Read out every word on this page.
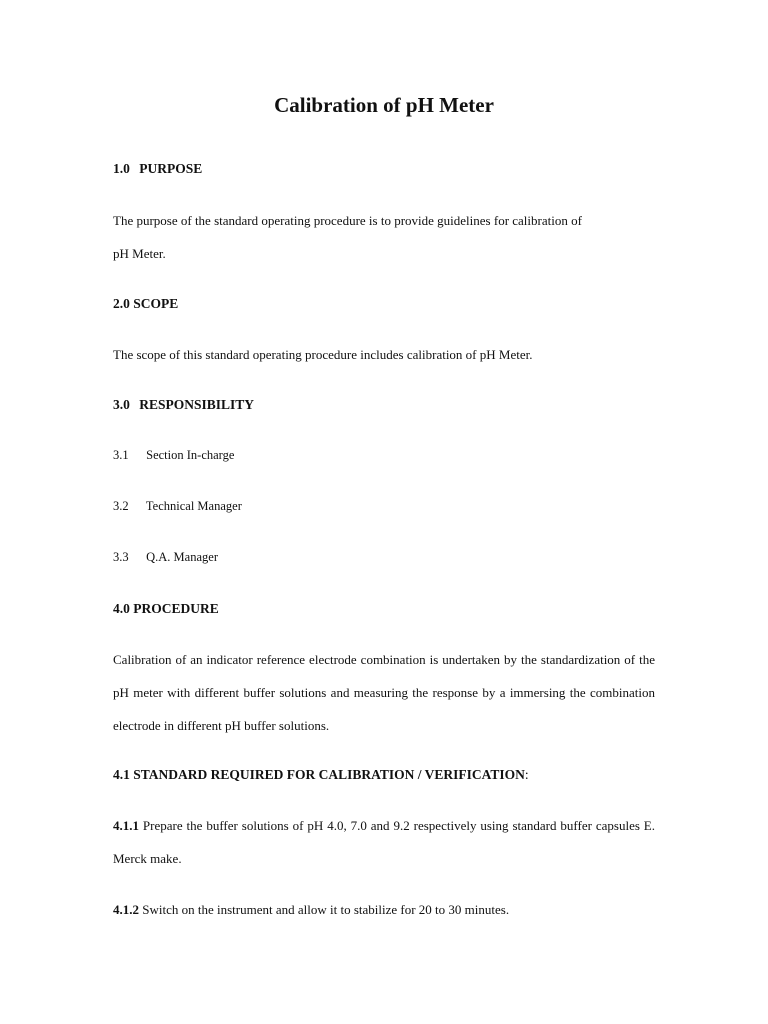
Calibration of pH Meter
1.0 PURPOSE

The purpose of the standard operating procedure is to provide guidelines for calibration of
pH Meter.

2.0 SCOPE

The scope of this standard operating procedure includes calibration of pH Meter.

3.0 RESPONSIBILITY
3.1 Section In-charge
3.2 Technical Manager
3.3 Q.A. Manager
4.0 PROCEDURE

Calibration of an indicator reference electrode combination is undertaken by the standardization of the pH meter with different buffer solutions and measuring the response by a immersing the combination electrode in different pH buffer solutions.

4.1 STANDARD REQUIRED FOR CALIBRATION / VERIFICATION:

4.1.1 Prepare the buffer solutions of pH 4.0, 7.0 and 9.2 respectively using standard buffer capsules E. Merck make.

4.1.2 Switch on the instrument and allow it to stabilize for 20 to 30 minutes.
